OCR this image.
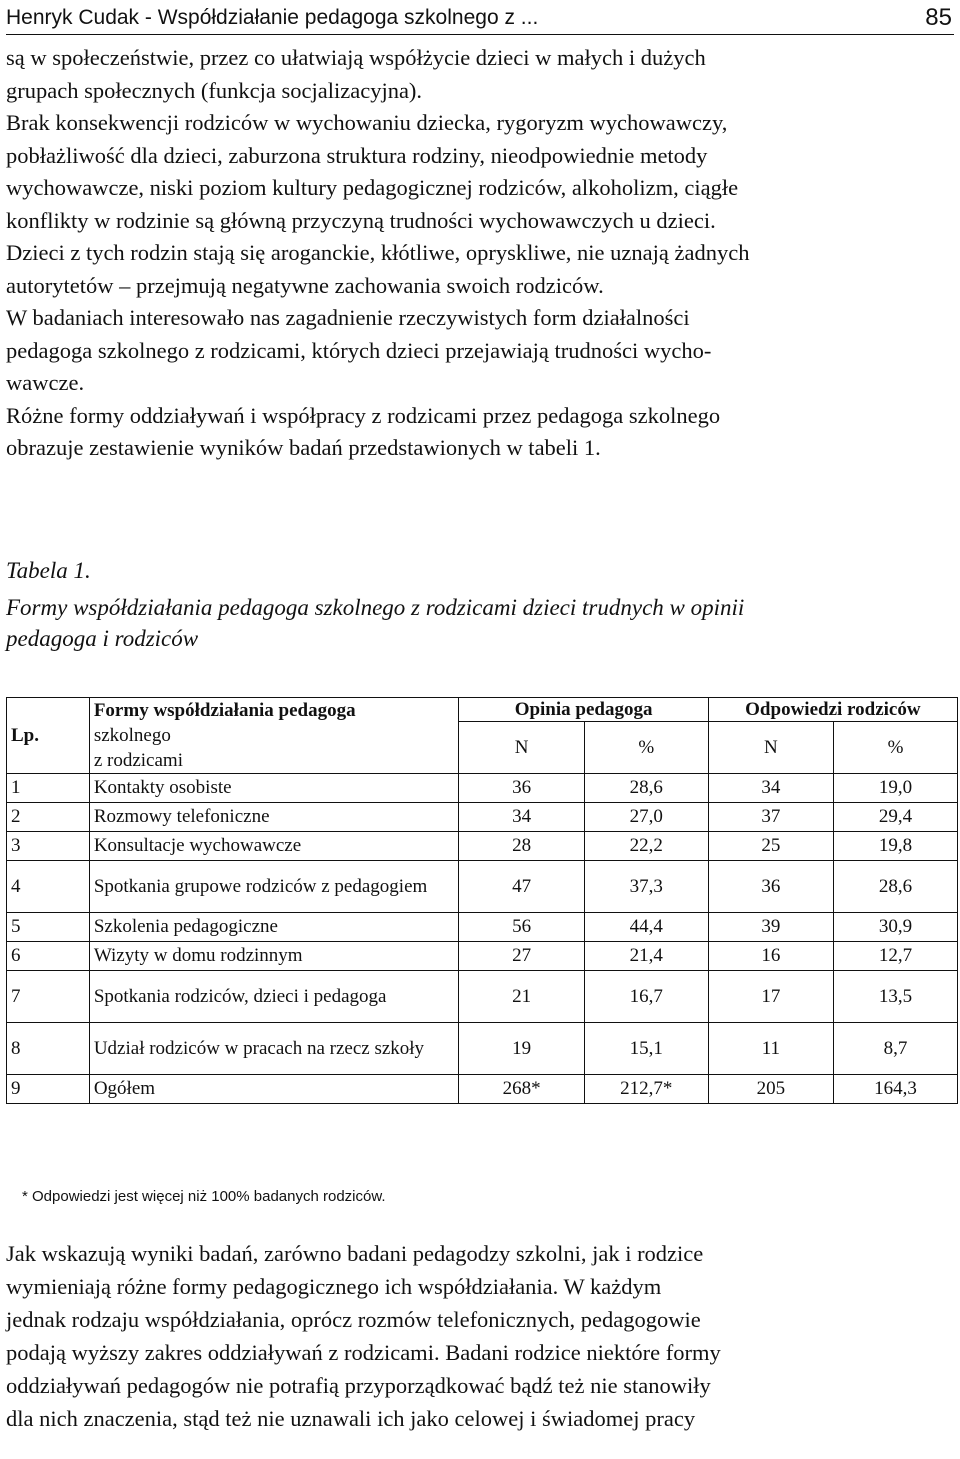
Henryk Cudak - Współdziałanie pedagoga szkolnego z ...	85
są w społeczeństwie, przez co ułatwiają współżycie dzieci w małych i dużych
grupach społecznych (funkcja socjalizacyjna).
Brak konsekwencji rodziców w wychowaniu dziecka, rygoryzm wychowawczy,
pobłażliwość dla dzieci, zaburzona struktura rodziny, nieodpowiednie metody
wychowawcze, niski poziom kultury pedagogicznej rodziców, alkoholizm, ciągłe
konflikty w rodzinie są główną przyczyną trudności wychowawczych u dzieci.
Dzieci z tych rodzin stają się aroganckie, kłótliwe, opryskliwe, nie uznają żadnych
autorytetów – przejmują negatywne zachowania swoich rodziców.
W badaniach interesowało nas zagadnienie rzeczywistych form działalności
pedagoga szkolnego z rodzicami, których dzieci przejawiają trudności wycho-
wawcze.
Różne formy oddziaływań i współpracy z rodzicami przez pedagoga szkolnego
obrazuje zestawienie wyników badań przedstawionych w tabeli 1.
Tabela 1.
Formy współdziałania pedagoga szkolnego z rodzicami dzieci trudnych w opinii
pedagoga i rodziców
Lp.	Formy współdziałania pedagoga
szkolnego
z rodzicami	Opinia pedagoga		Odpowiedzi rodziców	
		N	%	N	%
1	Kontakty osobiste	36	28,6	34	19,0
2	Rozmowy telefoniczne	34	27,0	37	29,4
3	Konsultacje wychowawcze	28	22,2	25	19,8
4	Spotkania grupowe rodziców z pedagogiem	47	37,3	36	28,6
5	Szkolenia pedagogiczne	56	44,4	39	30,9
6	Wizyty w domu rodzinnym	27	21,4	16	12,7
7	Spotkania rodziców, dzieci i pedagoga	21	16,7	17	13,5
8	Udział rodziców w pracach na rzecz szkoły	19	15,1	11	8,7
9	Ogółem	268*	212,7*	205	164,3
* Odpowiedzi jest więcej niż 100% badanych rodziców.
Jak wskazują wyniki badań, zarówno badani pedagodzy szkolni, jak i rodzice
wymieniają różne formy pedagogicznego ich współdziałania. W każdym
jednak rodzaju współdziałania, oprócz rozmów telefonicznych, pedagogowie
podają wyższy zakres oddziaływań z rodzicami. Badani rodzice niektóre formy
oddziaływań pedagogów nie potrafią przyporządkować bądź też nie stanowiły
dla nich znaczenia, stąd też nie uznawali ich jako celowej i świadomej pracy
